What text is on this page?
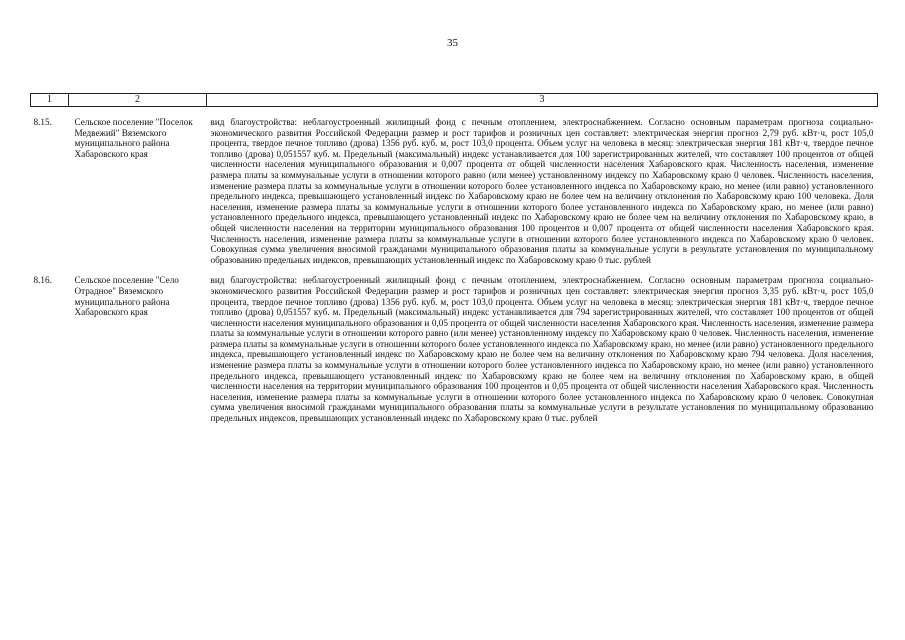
35
1	2	3
8.15.	Сельское поселение "Поселок Медвежий" Вяземского муниципального района Хабаровского края	вид благоустройства: неблагоустроенный жилищный фонд с печным отоплением, электроснабжением. Согласно основным параметрам прогноза социально-экономического развития Российской Федерации размер и рост тарифов и розничных цен составляет: электрическая энергия прогноз 2,79 руб. кВт·ч, рост 105,0 процента, твердое печное топливо (дрова) 1356 руб. куб. м, рост 103,0 процента. Объем услуг на человека в месяц: электрическая энергия 181 кВт·ч, твердое печное топливо (дрова) 0,051557 куб. м. Предельный (максимальный) индекс устанавливается для 100 зарегистрированных жителей, что составляет 100 процентов от общей численности населения муниципального образования и 0,007 процента от общей численности населения Хабаровского края. Численность населения, изменение размера платы за коммунальные услуги в отношении которого равно (или менее) установленному индексу по Хабаровскому краю 0 человек. Численность населения, изменение размера платы за коммунальные услуги в отношении которого более установленного индекса по Хабаровскому краю, но менее (или равно) установленного предельного индекса, превышающего установленный индекс по Хабаровскому краю не более чем на величину отклонения по Хабаровскому краю 100 человека. Доля населения, изменение размера платы за коммунальные услуги в отношении которого более установленного индекса по Хабаровскому краю, но менее (или равно) установленного предельного индекса, превышающего установленный индекс по Хабаровскому краю не более чем на величину отклонения по Хабаровскому краю, в общей численности населения на территории муниципального образования 100 процентов и 0,007 процента от общей численности населения Хабаровского края. Численность населения, изменение размера платы за коммунальные услуги в отношении которого более установленного индекса по Хабаровскому краю 0 человек. Совокупная сумма увеличения вносимой гражданами муниципального образования платы за коммунальные услуги в результате установления по муниципальному образованию предельных индексов, превышающих установленный индекс по Хабаровскому краю 0 тыс. рублей
8.16.	Сельское поселение "Село Отрадное" Вяземского муниципального района Хабаровского края	вид благоустройства: неблагоустроенный жилищный фонд с печным отоплением, электроснабжением. Согласно основным параметрам прогноза социально-экономического развития Российской Федерации размер и рост тарифов и розничных цен составляет: электрическая энергия прогноз 3,35 руб. кВт·ч, рост 105,0 процента, твердое печное топливо (дрова) 1356 руб. куб. м, рост 103,0 процента. Объем услуг на человека в месяц: электрическая энергия 181 кВт·ч, твердое печное топливо (дрова) 0,051557 куб. м. Предельный (максимальный) индекс устанавливается для 794 зарегистрированных жителей, что составляет 100 процентов от общей численности населения муниципального образования и 0,05 процента от общей численности населения Хабаровского края. Численность населения, изменение размера платы за коммунальные услуги в отношении которого равно (или менее) установленному индексу по Хабаровскому краю 0 человек. Численность населения, изменение размера платы за коммунальные услуги в отношении которого более установленного индекса по Хабаровскому краю, но менее (или равно) установленного предельного индекса, превышающего установленный индекс по Хабаровскому краю не более чем на величину отклонения по Хабаровскому краю 794 человека. Доля населения, изменение размера платы за коммунальные услуги в отношении которого более установленного индекса по Хабаровскому краю, но менее (или равно) установленного предельного индекса, превышающего установленный индекс по Хабаровскому краю не более чем на величину отклонения по Хабаровскому краю, в общей численности населения на территории муниципального образования 100 процентов и 0,05 процента от общей численности населения Хабаровского края. Численность населения, изменение размера платы за коммунальные услуги в отношении которого более установленного индекса по Хабаровскому краю 0 человек. Совокупная сумма увеличения вносимой гражданами муниципального образования платы за коммунальные услуги в результате установления по муниципальному образованию предельных индексов, превышающих установленный индекс по Хабаровскому краю 0 тыс. рублей
